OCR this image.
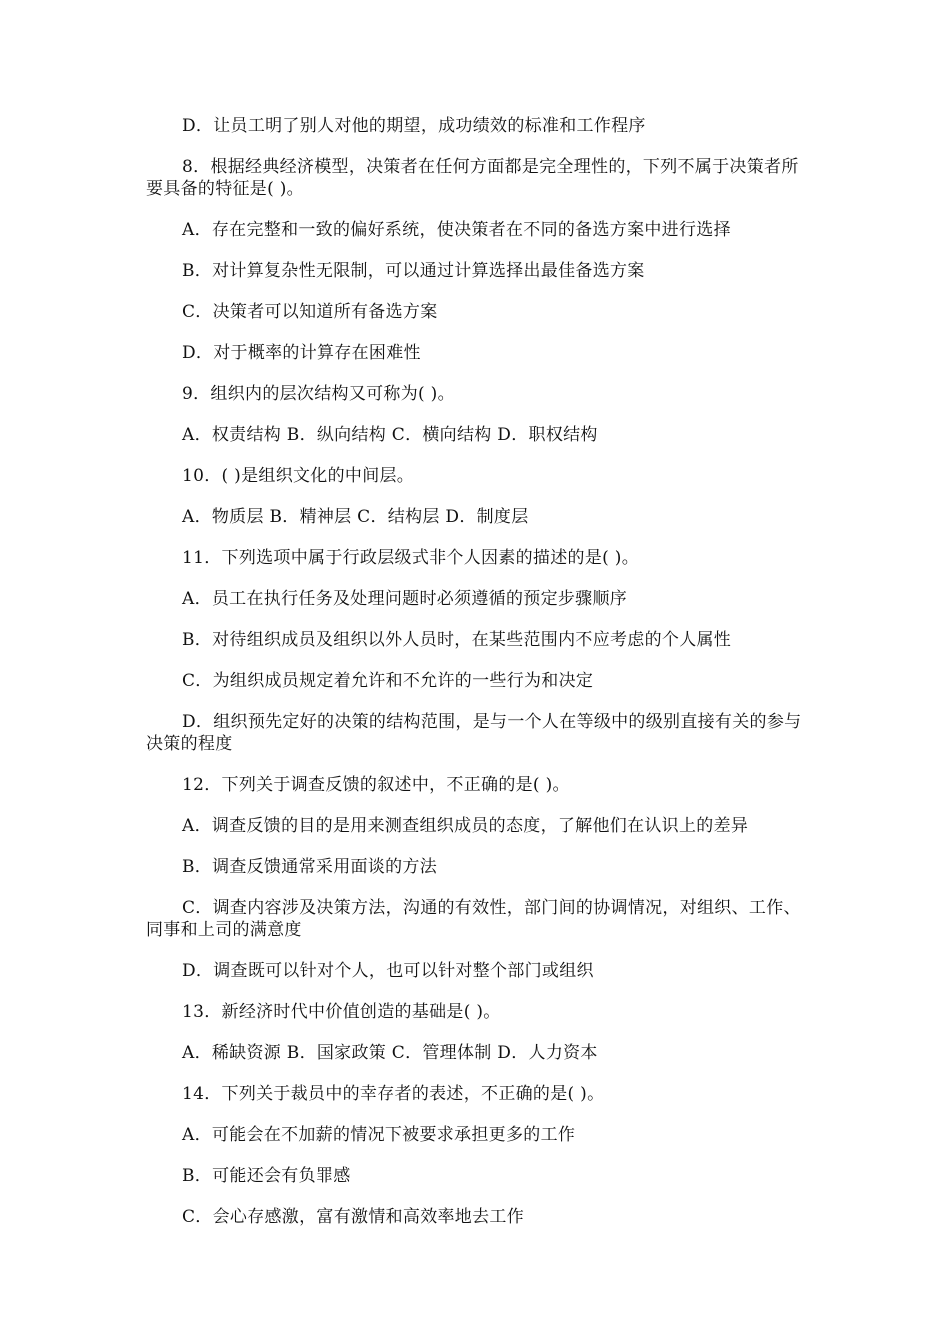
D．让员工明了别人对他的期望，成功绩效的标准和工作程序

8．根据经典经济模型，决策者在任何方面都是完全理性的，下列不属于决策者所要具备的特征是( )。

A．存在完整和一致的偏好系统，使决策者在不同的备选方案中进行选择

B．对计算复杂性无限制，可以通过计算选择出最佳备选方案

C．决策者可以知道所有备选方案

D．对于概率的计算存在困难性

9．组织内的层次结构又可称为( )。

A．权责结构 B．纵向结构 C．横向结构 D．职权结构

10．( )是组织文化的中间层。

A．物质层 B．精神层 C．结构层 D．制度层

11．下列选项中属于行政层级式非个人因素的描述的是( )。

A．员工在执行任务及处理问题时必须遵循的预定步骤顺序

B．对待组织成员及组织以外人员时，在某些范围内不应考虑的个人属性

C．为组织成员规定着允许和不允许的一些行为和决定

D．组织预先定好的决策的结构范围，是与一个人在等级中的级别直接有关的参与决策的程度

12．下列关于调查反馈的叙述中，不正确的是( )。

A．调查反馈的目的是用来测查组织成员的态度，了解他们在认识上的差异

B．调查反馈通常采用面谈的方法

C．调查内容涉及决策方法，沟通的有效性，部门间的协调情况，对组织、工作、同事和上司的满意度

D．调查既可以针对个人，也可以针对整个部门或组织

13．新经济时代中价值创造的基础是( )。

A．稀缺资源 B．国家政策 C．管理体制 D．人力资本

14．下列关于裁员中的幸存者的表述，不正确的是( )。

A．可能会在不加薪的情况下被要求承担更多的工作

B．可能还会有负罪感

C．会心存感激，富有激情和高效率地去工作
